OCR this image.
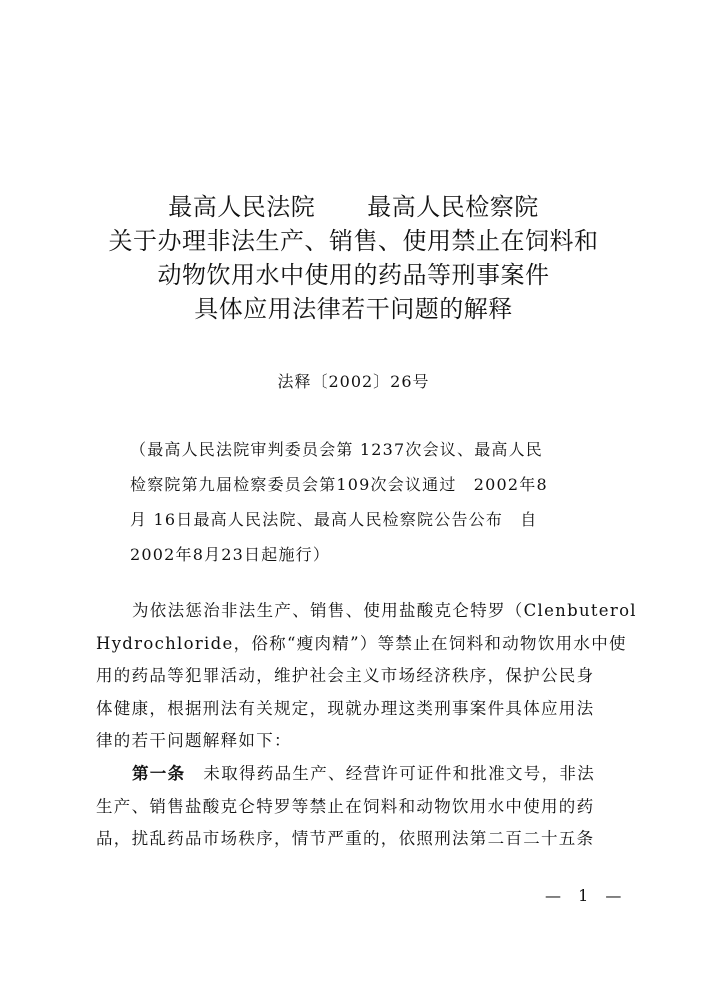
最高人民法院 最高人民检察院
关于办理非法生产、销售、使用禁止在饲料和
动物饮用水中使用的药品等刑事案件
具体应用法律若干问题的解释
法释〔2002〕26号
（最高人民法院审判委员会第 1237次会议、最高人民
检察院第九届检察委员会第109次会议通过　2002年8
月 16日最高人民法院、最高人民检察院公告公布　自
2002年8月23日起施行）
为依法惩治非法生产、销售、使用盐酸克仑特罗（Clenbuterol
Hydrochloride，俗称“瘦肉精”）等禁止在饲料和动物饮用水中使
用的药品等犯罪活动，维护社会主义市场经济秩序，保护公民身
体健康，根据刑法有关规定，现就办理这类刑事案件具体应用法
律的若干问题解释如下：
第一条 未取得药品生产、经营许可证件和批准文号，非法
生产、销售盐酸克仑特罗等禁止在饲料和动物饮用水中使用的药
品，扰乱药品市场秩序，情节严重的，依照刑法第二百二十五条
— 1 —
